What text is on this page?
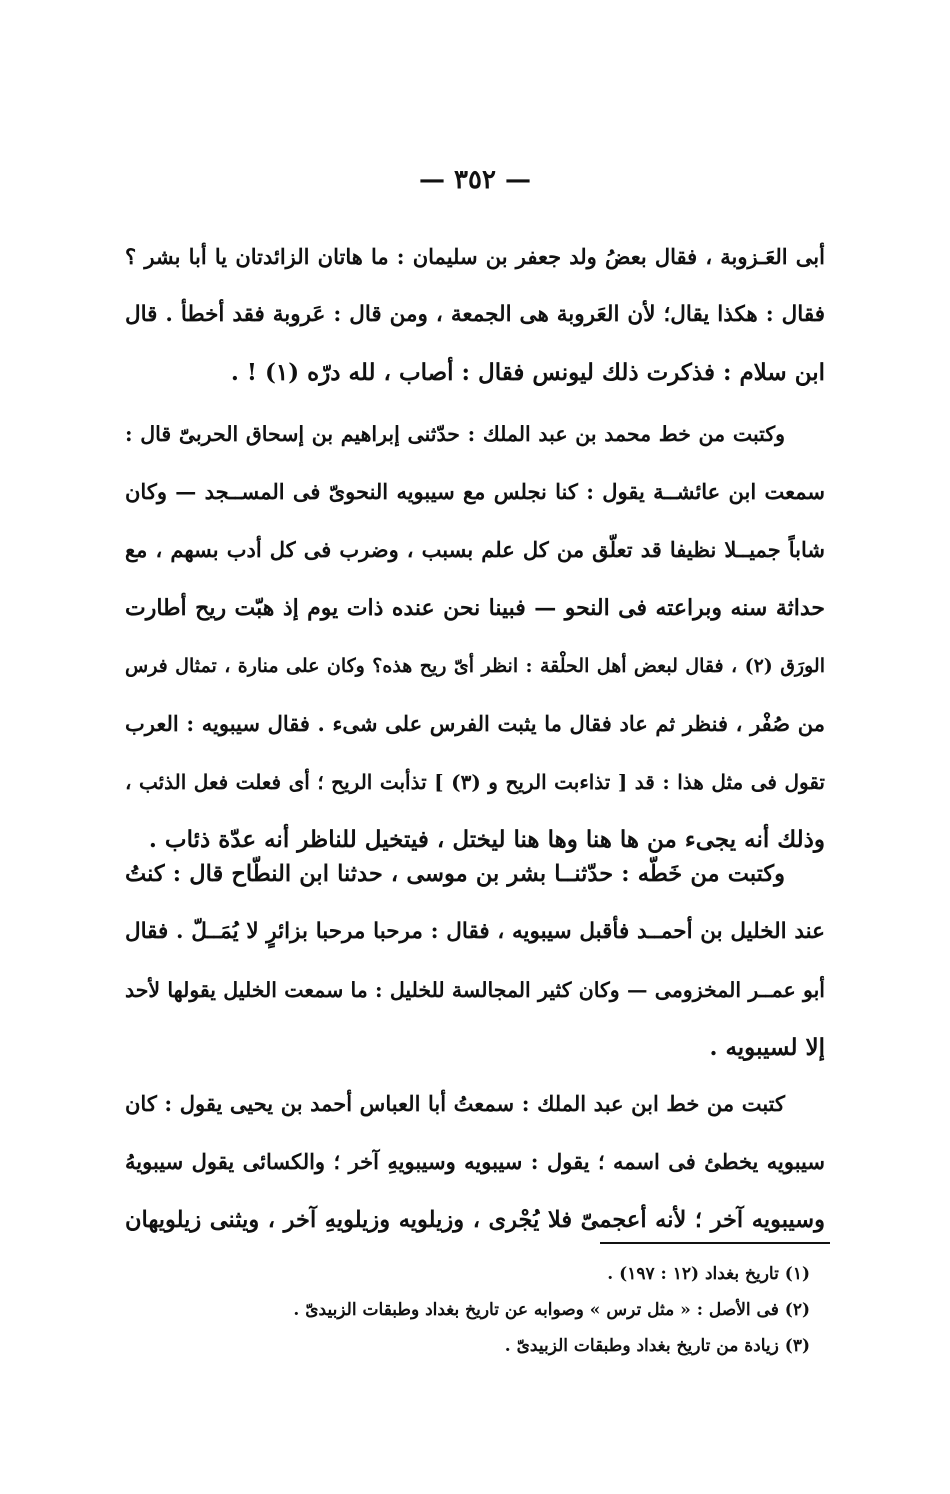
— ٣٥٢ —
أبى العَـزوبة ، فقال بعضُ ولد جعفر بن سليمان : ما هاتان الزائدتان يا أبا بشر ؟
فقال : هكذا يقال؛ لأن العَروبة هى الجمعة ، ومن قال : عَروبة فقد أخطأ . قال
ابن سلام : فذكرت ذلك ليونس فقال : أصاب ، لله درّه (١) ! .
وكتبت من خط محمد بن عبد الملك : حدّثنى إبراهيم بن إسحاق الحربىّ قال :
سمعت ابن عائشــة يقول : كنا نجلس مع سيبويه النحوىّ فى المســجد — وكان
شاباً جميــلا نظيفا قد تعلّق من كل علم بسبب ، وضرب فى كل أدب بسهم ، مع
حداثة سنه وبراعته فى النحو — فبينا نحن عنده ذات يوم إذ هبّت ريح أطارت
الورَق (٢) ، فقال لبعض أهل الحلْقة : انظر أىّ ريح هذه؟ وكان على منارة ، تمثال فرس
من صُفْر ، فنظر ثم عاد فقال ما يثبت الفرس على شىء . فقال سيبويه : العرب
تقول فى مثل هذا : قد [ تذاءبت الريح و (٣) ] تذأبت الريح ؛ أى فعلت فعل الذئب ،
وذلك أنه يجىء من ها هنا وها هنا ليختل ، فيتخيل للناظر أنه عدّة ذئاب .
وكتبت من خَطّه : حدّثنــا بشر بن موسى ، حدثنا ابن النطّاح قال : كنتُ
عند الخليل بن أحمــد فأقبل سيبويه ، فقال : مرحبا مرحبا بزائرٍ لا يُمَــلّ . فقال
أبو عمــر المخزومى — وكان كثير المجالسة للخليل : ما سمعت الخليل يقولها لأحد
إلا لسيبويه .
كتبت من خط ابن عبد الملك : سمعتُ أبا العباس أحمد بن يحيى يقول : كان
سيبويه يخطئ فى اسمه ؛ يقول : سيبويه وسيبويهِ آخر ؛ والكسائى يقول سيبويهُ
وسيبويه آخر ؛ لأنه أعجمىّ فلا يُجْرى ، وزيلويه وزيلويهِ آخر ، ويثنى زيلويهان
(١) تاريخ بغداد (١٢ : ١٩٧) .
(٢) فى الأصل : « مثل ترس » وصوابه عن تاريخ بغداد وطبقات الزبيدىّ .
(٣) زيادة من تاريخ بغداد وطبقات الزبيدىّ .
